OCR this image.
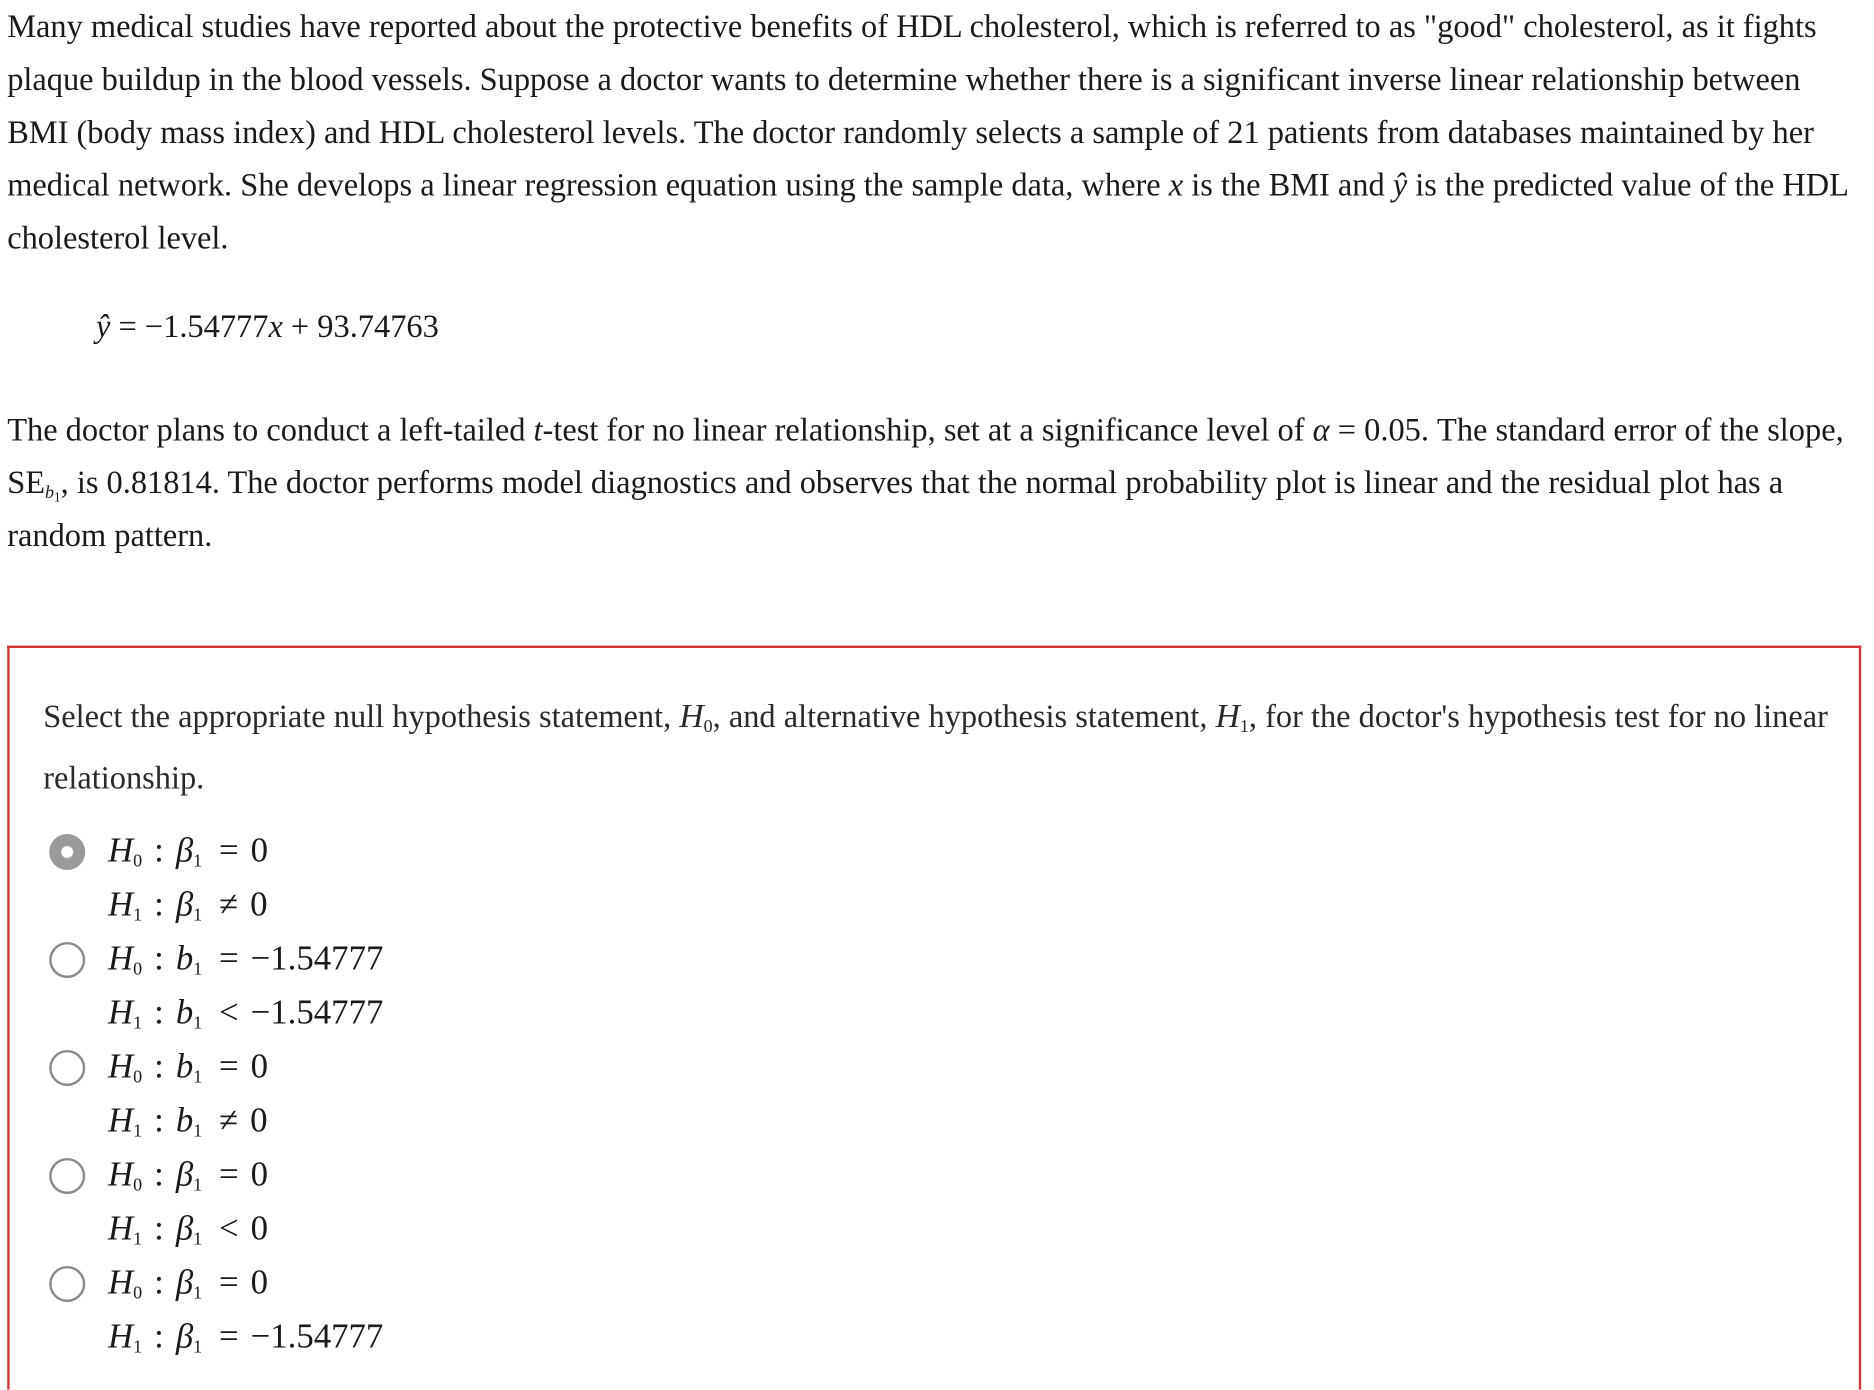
Many medical studies have reported about the protective benefits of HDL cholesterol, which is referred to as "good" cholesterol, as it fights plaque buildup in the blood vessels. Suppose a doctor wants to determine whether there is a significant inverse linear relationship between BMI (body mass index) and HDL cholesterol levels. The doctor randomly selects a sample of 21 patients from databases maintained by her medical network. She develops a linear regression equation using the sample data, where x is the BMI and ŷ is the predicted value of the HDL cholesterol level.

ŷ = −1.54777x + 93.74763

The doctor plans to conduct a left-tailed t-test for no linear relationship, set at a significance level of α = 0.05. The standard error of the slope, $SE_{b_1}$, is 0.81814. The doctor performs model diagnostics and observes that the normal probability plot is linear and the residual plot has a random pattern.

Select the appropriate null hypothesis statement, $H_0$, and alternative hypothesis statement, $H_1$, for the doctor's hypothesis test for no linear relationship.

$H_0$ : $\beta_1 = 0$
$H_1$ : $\beta_1 \ne 0$
$H_0$ : $b_1 = -1.54777$
$H_1$ : $b_1 < -1.54777$
$H_0$ : $b_1 = 0$
$H_1$ : $b_1 \ne 0$
$H_0$ : $\beta_1 = 0$
$H_1$ : $\beta_1 < 0$
$H_0$ : $\beta_1 = 0$
$H_1$ : $\beta_1 = -1.54777$
